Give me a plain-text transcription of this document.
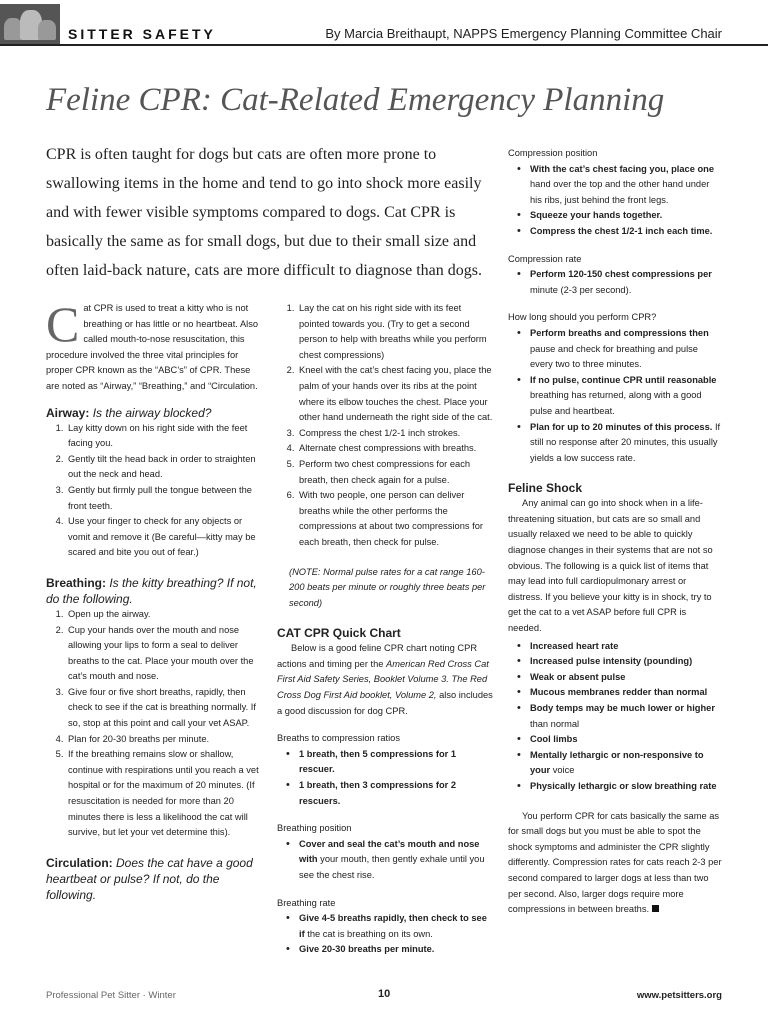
SITTER SAFETY	By Marcia Breithaupt, NAPPS Emergency Planning Committee Chair
Feline CPR: Cat-Related Emergency Planning
CPR is often taught for dogs but cats are often more prone to swallowing items in the home and tend to go into shock more easily and with fewer visible symptoms compared to dogs. Cat CPR is basically the same as for small dogs, but due to their small size and often laid-back nature, cats are more difficult to diagnose than dogs.

Cat CPR is used to treat a kitty who is not breathing or has little or no heartbeat. Also called mouth-to-nose resuscitation, this procedure involved the three vital principles for proper CPR known as the “ABC’s” of CPR. These are noted as “Airway,” “Breathing,” and “Circulation.

Airway: Is the airway blocked?
1. Lay kitty down on his right side with the feet facing you.
2. Gently tilt the head back in order to straighten out the neck and head.
3. Gently but firmly pull the tongue between the front teeth.
4. Use your finger to check for any objects or vomit and remove it (Be careful—kitty may be scared and bite you out of fear.)
Breathing: Is the kitty breathing? If not, do the following.
1. Open up the airway.
2. Cup your hands over the mouth and nose allowing your lips to form a seal to deliver breaths to the cat. Place your mouth over the cat’s mouth and nose.
3. Give four or five short breaths, rapidly, then check to see if the cat is breathing normally. If so, stop at this point and call your vet ASAP.
4. Plan for 20-30 breaths per minute.
5. If the breathing remains slow or shallow, continue with respirations until you reach a vet hospital or for the maximum of 20 minutes. (If resuscitation is needed for more than 20 minutes there is less a likelihood the cat will survive, but let your vet determine this).
Circulation: Does the cat have a good heartbeat or pulse? If not, do the following.
1. Lay the cat on his right side with its feet pointed towards you. (Try to get a second person to help with breaths while you perform chest compressions)
2. Kneel with the cat’s chest facing you, place the palm of your hands over its ribs at the point where its elbow touches the chest. Place your other hand underneath the right side of the cat.
3. Compress the chest 1/2-1 inch strokes.
4. Alternate chest compressions with breaths.
5. Perform two chest compressions for each breath, then check again for a pulse.
6. With two people, one person can deliver breaths while the other performs the compressions at about two compressions for each breath, then check for pulse.

(NOTE: Normal pulse rates for a cat range 160-200 beats per minute or roughly three beats per second)

CAT CPR Quick Chart

Below is a good feline CPR chart noting CPR actions and timing per the American Red Cross Cat First Aid Safety Series, Booklet Volume 3. The Red Cross Dog First Aid booklet, Volume 2, also includes a good discussion for dog CPR.

Breaths to compression ratios

• 1 breath, then 5 compressions for 1 rescuer.
• 1 breath, then 3 compressions for 2 rescuers.

Breathing position

• Cover and seal the cat’s mouth and nose with your mouth, then gently exhale until you see the chest rise.

Breathing rate

• Give 4-5 breaths rapidly, then check to see if the cat is breathing on its own.
• Give 20-30 breaths per minute.

Compression position

• With the cat’s chest facing you, place one hand over the top and the other hand under his ribs, just behind the front legs.
• Squeeze your hands together.
• Compress the chest 1/2-1 inch each time.

Compression rate

• Perform 120-150 chest compressions per minute (2-3 per second).

How long should you perform CPR?

• Perform breaths and compressions then pause and check for breathing and pulse every two to three minutes.
• If no pulse, continue CPR until reasonable breathing has returned, along with a good pulse and heartbeat.
• Plan for up to 20 minutes of this process. If still no response after 20 minutes, this usually yields a low success rate.
Feline Shock

Any animal can go into shock when in a life-threatening situation, but cats are so small and usually relaxed we need to be able to quickly diagnose changes in their systems that are not so obvious. The following is a quick list of items that may lead into full cardiopulmonary arrest or distress. If you believe your kitty is in shock, try to get the cat to a vet ASAP before full CPR is needed.

• Increased heart rate
• Increased pulse intensity (pounding)
• Weak or absent pulse
• Mucous membranes redder than normal
• Body temps may be much lower or higher than normal
• Cool limbs
• Mentally lethargic or non-responsive to your voice
• Physically lethargic or slow breathing rate

You perform CPR for cats basically the same as for small dogs but you must be able to spot the shock symptoms and administer the CPR slightly differently. Compression rates for cats reach 2-3 per second compared to larger dogs at less than two per second. Also, larger dogs require more compressions in between breaths.

Professional Pet Sitter · Winter	10	www.petsitters.org
